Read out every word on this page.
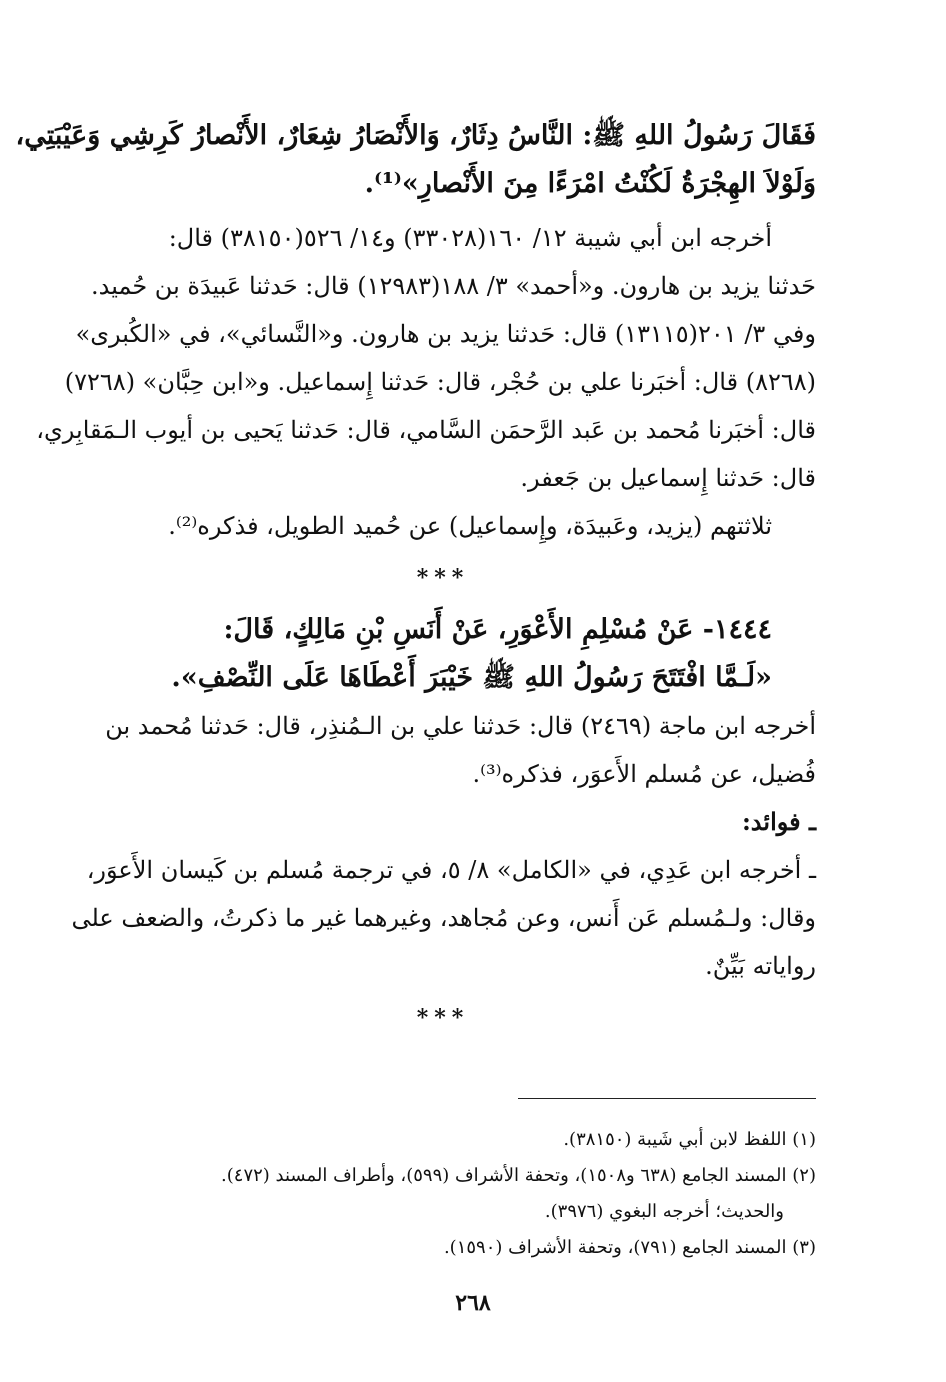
فَقَالَ رَسُولُ اللهِ ﷺ: النَّاسُ دِثَارٌ، وَالأَنْصَارُ شِعَارٌ، الأَنْصارُ كَرِشِي وَعَيْبَتِي،
وَلَوْلاَ الهِجْرَةُ لَكُنْتُ امْرَءًا مِنَ الأَنْصارِ»⁽¹⁾.
أخرجه ابن أبي شيبة ١٢/ ١٦٠(٣٣٠٢٨) و١٤/ ٥٢٦(٣٨١٥٠) قال:
حَدثنا يزيد بن هارون. و«أحمد» ٣/ ١٨٨(١٢٩٨٣) قال: حَدثنا عَبيدَة بن حُميد.
وفي ٣/ ٢٠١(١٣١١٥) قال: حَدثنا يزيد بن هارون. و«النَّسائي»، في «الكُبرى»
(٨٢٦٨) قال: أخبَرنا علي بن حُجْر، قال: حَدثنا إِسماعيل. و«ابن حِبَّان» (٧٢٦٨)
قال: أخبَرنا مُحمد بن عَبد الرَّحمَن السَّامي، قال: حَدثنا يَحيى بن أيوب الـمَقابِري،
قال: حَدثنا إِسماعيل بن جَعفر.
ثلاثتهم (يزيد، وعَبيدَة، وإِسماعيل) عن حُميد الطويل، فذكره⁽²⁾.
***
١٤٤٤- عَنْ مُسْلِمِ الأَعْوَرِ، عَنْ أَنَسِ بْنِ مَالِكٍ، قَالَ:
«لَـمَّا افْتَتَحَ رَسُولُ اللهِ ﷺ خَيْبَرَ أَعْطَاهَا عَلَى النِّصْفِ».
أخرجه ابن ماجة (٢٤٦٩) قال: حَدثنا علي بن الـمُنذِر، قال: حَدثنا مُحمد بن
فُضيل، عن مُسلم الأَعوَر، فذكره⁽³⁾.
ـ فوائد:
ـ أخرجه ابن عَدِي، في «الكامل» ٨/ ٥، في ترجمة مُسلم بن كَيسان الأَعوَر،
وقال: ولـمُسلم عَن أَنس، وعن مُجاهد، وغيرهما غير ما ذكرتُ، والضعف على
رواياته بَيِّنٌ.
***
(١) اللفظ لابن أبي شَيبة (٣٨١٥٠).
(٢) المسند الجامع (٦٣٨ و١٥٠٨)، وتحفة الأشراف (٥٩٩)، وأطراف المسند (٤٧٢).
والحديث؛ أخرجه البغوي (٣٩٧٦).
(٣) المسند الجامع (٧٩١)، وتحفة الأشراف (١٥٩٠).
٢٦٨
